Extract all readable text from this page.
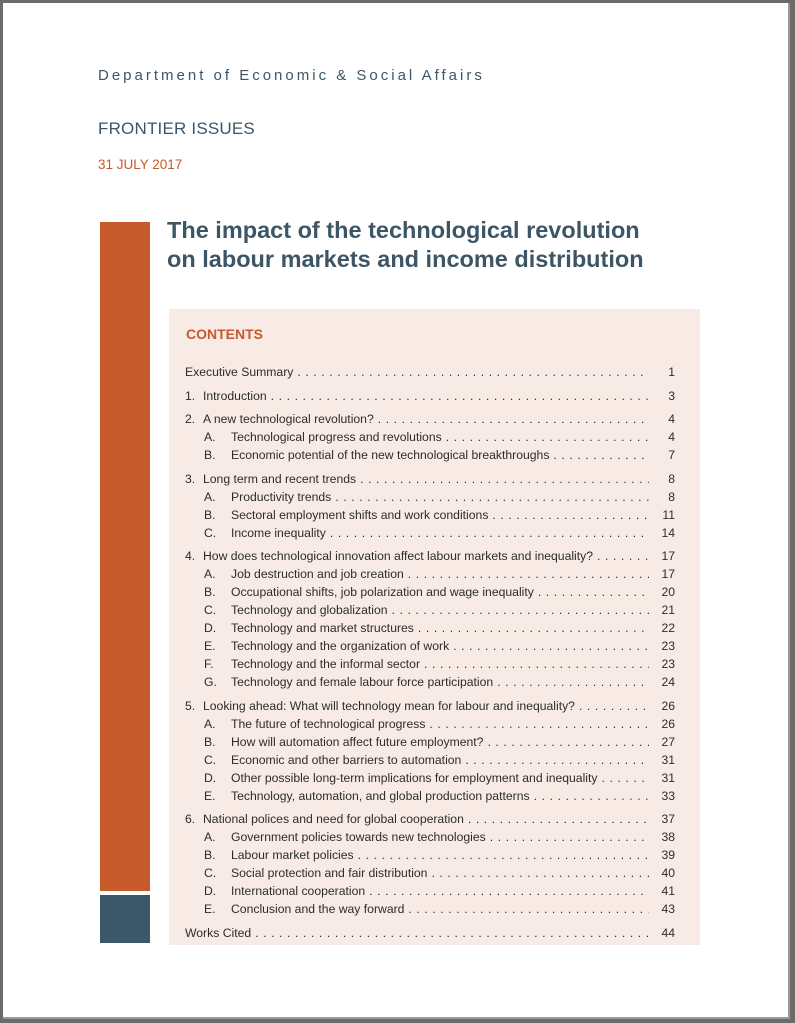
Department of Economic & Social Affairs
FRONTIER ISSUES
31 JULY 2017
The impact of the technological revolution
on labour markets and income distribution
CONTENTS
Executive Summary . . .	1
1. Introduction . . .	3
2. A new technological revolution? . . .	4
A.	Technological progress and revolutions . . .	4
B.	Economic potential of the new technological breakthroughs . . .	7
3. Long term and recent trends . . .	8
A.	Productivity trends . . .	8
B.	Sectoral employment shifts and work conditions . . .	11
C.	Income inequality . . .	14
4. How does technological innovation affect labour markets and inequality? . . .	17
A.	Job destruction and job creation . . .	17
B.	Occupational shifts, job polarization and wage inequality . . .	20
C.	Technology and globalization . . .	21
D.	Technology and market structures . . .	22
E.	Technology and the organization of work . . .	23
F.	Technology and the informal sector . . .	23
G.	Technology and female labour force participation . . .	24
5. Looking ahead: What will technology mean for labour and inequality? . . .	26
A.	The future of technological progress . . .	26
B.	How will automation affect future employment? . . .	27
C.	Economic and other barriers to automation . . .	31
D.	Other possible long-term implications for employment and inequality . . .	31
E.	Technology, automation, and global production patterns . . .	33
6. National polices and need for global cooperation . . .	37
A.	Government policies towards new technologies . . .	38
B.	Labour market policies . . .	39
C.	Social protection and fair distribution . . .	40
D.	International cooperation . . .	41
E.	Conclusion and the way forward . . .	43
Works Cited . . .	44
